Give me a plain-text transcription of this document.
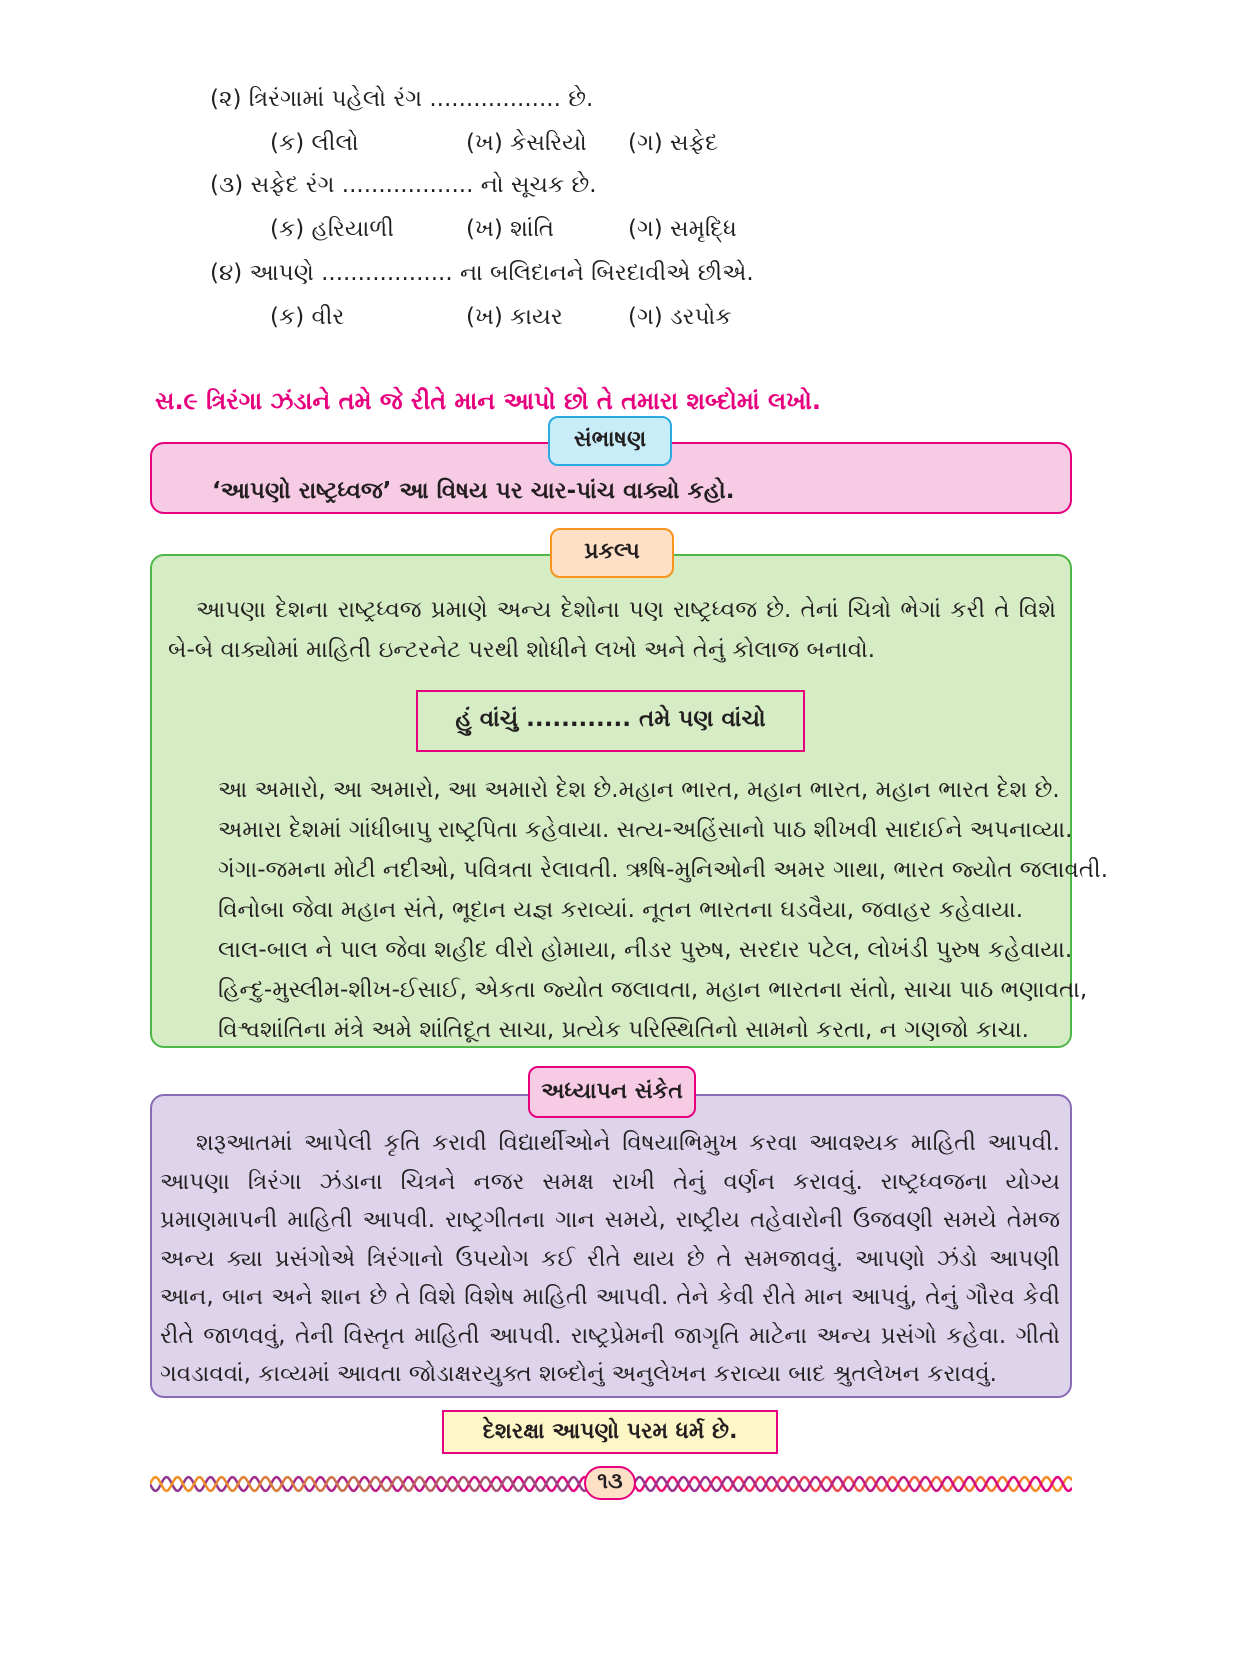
(૨) ત્રિરંગામાં પહેલો રંગ .................. છે.
(ક) લીલો	(ખ) કેસરિયો (ગ) સફેદ
(૩) સફેદ રંગ .................. નો સૂચક છે.
(ક) હરિયાળી	(ખ) શાંતિ	(ગ) સમૃદ્ધિ
(૪) આપણે .................. ના બલિદાનને બિરદાવીએ છીએ.
(ક) વીર	(ખ) કાયર	(ગ) ડરપોક
સ.૯ ત્રિરંગા ઝંડાને તમે જે રીતે માન આપો છો તે તમારા શબ્દોમાં લખો.
સંભાષણ
‘આપણો રાષ્ટ્રધ્વજ’ આ વિષય પર ચાર-પાંચ વાક્યો કહો.
પ્રકલ્પ
આપણા દેશના રાષ્ટ્રધ્વજ પ્રમાણે અન્ય દેશોના પણ રાષ્ટ્રધ્વજ છે. તેનાં ચિત્રો ભેગાં કરી તે વિશે બે-બે વાક્યોમાં માહિતી ઇન્ટરનેટ પરથી શોધીને લખો અને તેનું કોલાજ બનાવો.
હું વાંચું ............ તમે પણ વાંચો
આ અમારો, આ અમારો, આ અમારો દેશ છે.મહાન ભારત, મહાન ભારત, મહાન ભારત દેશ છે.
અમારા દેશમાં ગાંધીબાપુ રાષ્ટ્રપિતા કહેવાયા. સત્ય-અહિંસાનો પાઠ શીખવી સાદાઈને અપનાવ્યા.
ગંગા-જમના મોટી નદીઓ, પવિત્રતા રેલાવતી. ઋષિ-મુનિઓની અમર ગાથા, ભારત જ્યોત જલાવતી.
વિનોબા જેવા મહાન સંતે, ભૂદાન યજ્ઞ કરાવ્યાં. નૂતન ભારતના ઘડવૈયા, જવાહર કહેવાયા.
લાલ-બાલ ને પાલ જેવા શહીદ વીરો હોમાયા, નીડર પુરુષ, સરદાર પટેલ, લોખંડી પુરુષ કહેવાયા.
હિન્દુ-મુસ્લીમ-શીખ-ઈસાઈ, એકતા જ્યોત જલાવતા, મહાન ભારતના સંતો, સાચા પાઠ ભણાવતા,
વિશ્વશાંતિના મંત્રે અમે શાંતિદૂત સાચા, પ્રત્યેક પરિસ્થિતિનો સામનો કરતા, ન ગણજો કાચા.
અધ્યાપન સંકેત
શરૂઆતમાં આપેલી કૃતિ કરાવી વિદ્યાર્થીઓને વિષયાભિમુખ કરવા આવશ્યક માહિતી આપવી. આપણા ત્રિરંગા ઝંડાના ચિત્રને નજર સમક્ષ રાખી તેનું વર્ણન કરાવવું. રાષ્ટ્રધ્વજના યોગ્ય પ્રમાણમાપની માહિતી આપવી. રાષ્ટ્રગીતના ગાન સમયે, રાષ્ટ્રીય તહેવારોની ઉજવણી સમયે તેમજ અન્ય ક્યા પ્રસંગોએ ત્રિરંગાનો ઉપયોગ કઈ રીતે થાય છે તે સમજાવવું. આપણો ઝંડો આપણી આન, બાન અને શાન છે તે વિશે વિશેષ માહિતી આપવી. તેને કેવી રીતે માન આપવું, તેનું ગૌરવ કેવી રીતે જાળવવું, તેની વિસ્તૃત માહિતી આપવી. રાષ્ટ્રપ્રેમની જાગૃતિ માટેના અન્ય પ્રસંગો કહેવા. ગીતો ગવડાવવાં, કાવ્યમાં આવતા જોડાક્ષરયુક્ત શબ્દોનું અનુલેખન કરાવ્યા બાદ શ્રુતલેખન કરાવવું.
દેશરક્ષા આપણો પરમ ધર્મ છે.
૧૩
